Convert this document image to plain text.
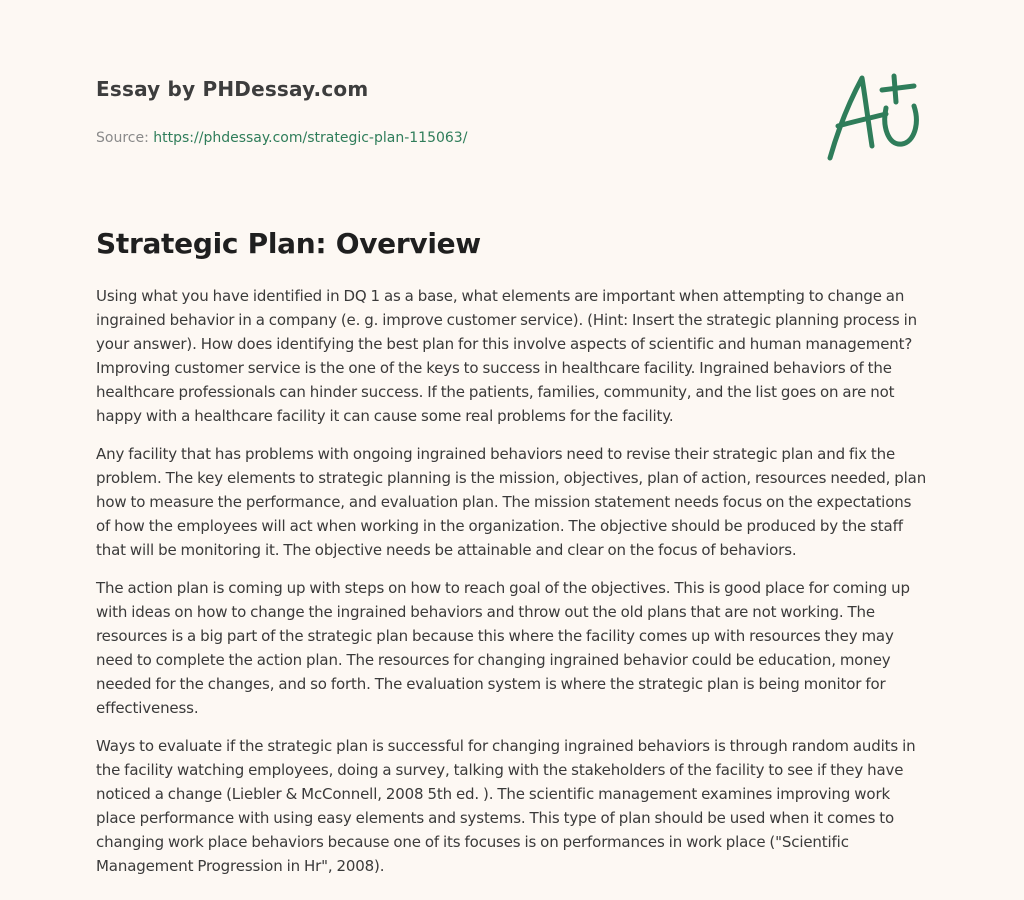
Essay by PHDessay.com
Source: https://phdessay.com/strategic-plan-115063/
Strategic Plan: Overview

Using what you have identified in DQ 1 as a base, what elements are important when attempting to change an ingrained behavior in a company (e. g. improve customer service). (Hint: Insert the strategic planning process in your answer). How does identifying the best plan for this involve aspects of scientific and human management? Improving customer service is the one of the keys to success in healthcare facility. Ingrained behaviors of the healthcare professionals can hinder success. If the patients, families, community, and the list goes on are not happy with a healthcare facility it can cause some real problems for the facility.

Any facility that has problems with ongoing ingrained behaviors need to revise their strategic plan and fix the problem. The key elements to strategic planning is the mission, objectives, plan of action, resources needed, plan how to measure the performance, and evaluation plan. The mission statement needs focus on the expectations of how the employees will act when working in the organization. The objective should be produced by the staff that will be monitoring it. The objective needs be attainable and clear on the focus of behaviors.

The action plan is coming up with steps on how to reach goal of the objectives. This is good place for coming up with ideas on how to change the ingrained behaviors and throw out the old plans that are not working. The resources is a big part of the strategic plan because this where the facility comes up with resources they may need to complete the action plan. The resources for changing ingrained behavior could be education, money needed for the changes, and so forth. The evaluation system is where the strategic plan is being monitor for effectiveness.

Ways to evaluate if the strategic plan is successful for changing ingrained behaviors is through random audits in the facility watching employees, doing a survey, talking with the stakeholders of the facility to see if they have noticed a change (Liebler & McConnell, 2008 5th ed. ). The scientific management examines improving work place performance with using easy elements and systems. This type of plan should be used when it comes to changing work place behaviors because one of its focuses is on performances in work place ("Scientific Management Progression in Hr", 2008).
